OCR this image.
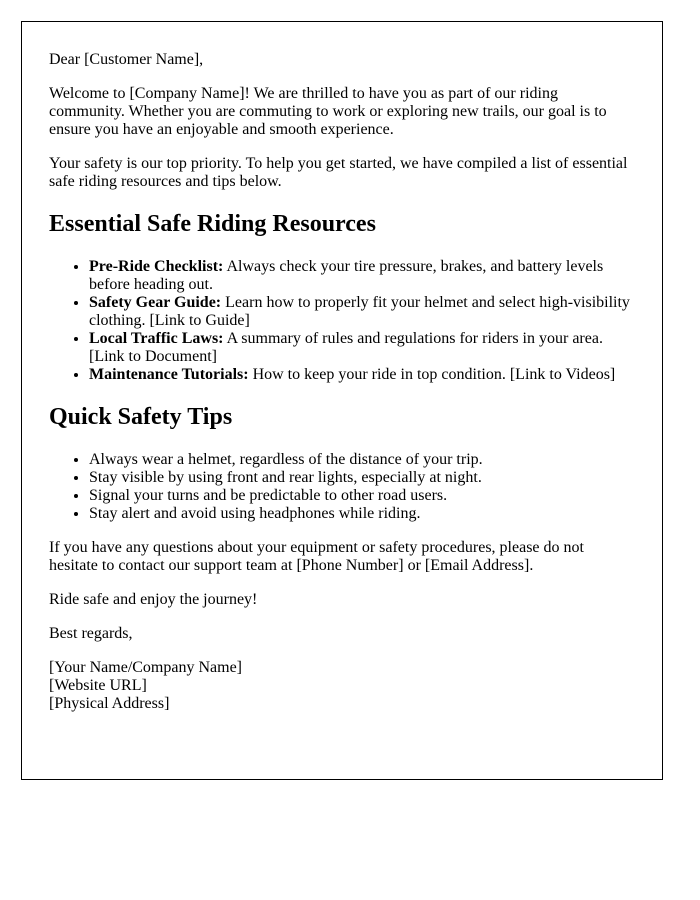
Dear [Customer Name],

Welcome to [Company Name]! We are thrilled to have you as part of our riding community. Whether you are commuting to work or exploring new trails, our goal is to ensure you have an enjoyable and smooth experience.

Your safety is our top priority. To help you get started, we have compiled a list of essential safe riding resources and tips below.

Essential Safe Riding Resources
• Pre-Ride Checklist: Always check your tire pressure, brakes, and battery levels before heading out.
• Safety Gear Guide: Learn how to properly fit your helmet and select high-visibility clothing. [Link to Guide]
• Local Traffic Laws: A summary of rules and regulations for riders in your area. [Link to Document]
• Maintenance Tutorials: How to keep your ride in top condition. [Link to Videos]
Quick Safety Tips
• Always wear a helmet, regardless of the distance of your trip.
• Stay visible by using front and rear lights, especially at night.
• Signal your turns and be predictable to other road users.
• Stay alert and avoid using headphones while riding.

If you have any questions about your equipment or safety procedures, please do not hesitate to contact our support team at [Phone Number] or [Email Address].

Ride safe and enjoy the journey!

Best regards,

[Your Name/Company Name]
[Website URL]
[Physical Address]
